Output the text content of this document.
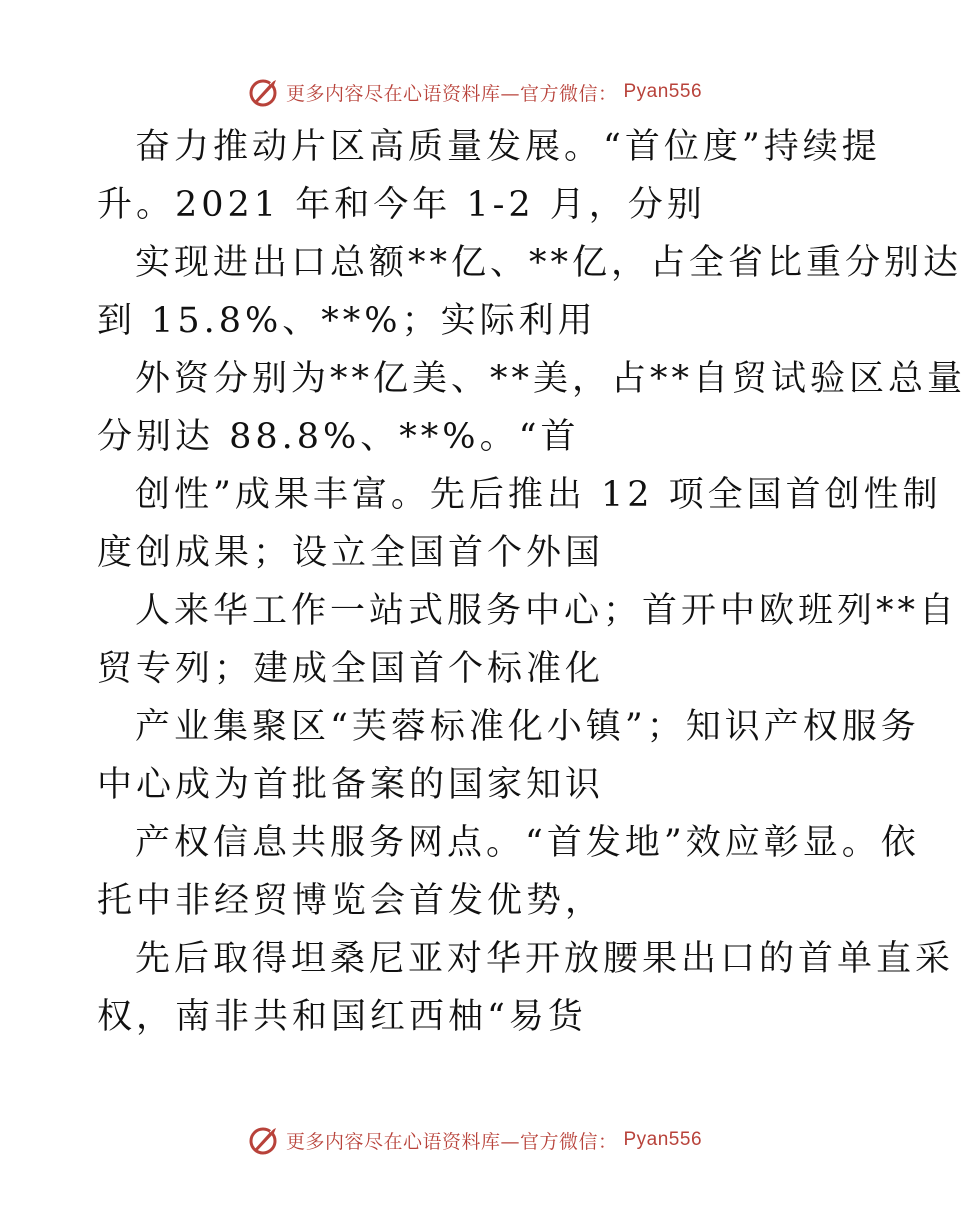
更多内容尽在心语资料库—官方微信： Pyan556
奋力推动片区高质量发展。“首位度”持续提
升。2021 年和今年 1-2 月，分别
实现进出口总额**亿、**亿，占全省比重分别达
到 15.8%、**%；实际利用
外资分别为**亿美、**美，占**自贸试验区总量
分别达 88.8%、**%。“首
创性”成果丰富。先后推出 12 项全国首创性制
度创成果；设立全国首个外国
人来华工作一站式服务中心；首开中欧班列**自
贸专列；建成全国首个标准化
产业集聚区“芙蓉标准化小镇”；知识产权服务
中心成为首批备案的国家知识
产权信息共服务网点。“首发地”效应彰显。依
托中非经贸博览会首发优势，
先后取得坦桑尼亚对华开放腰果出口的首单直采
权，南非共和国红西柚“易货
更多内容尽在心语资料库—官方微信： Pyan556
